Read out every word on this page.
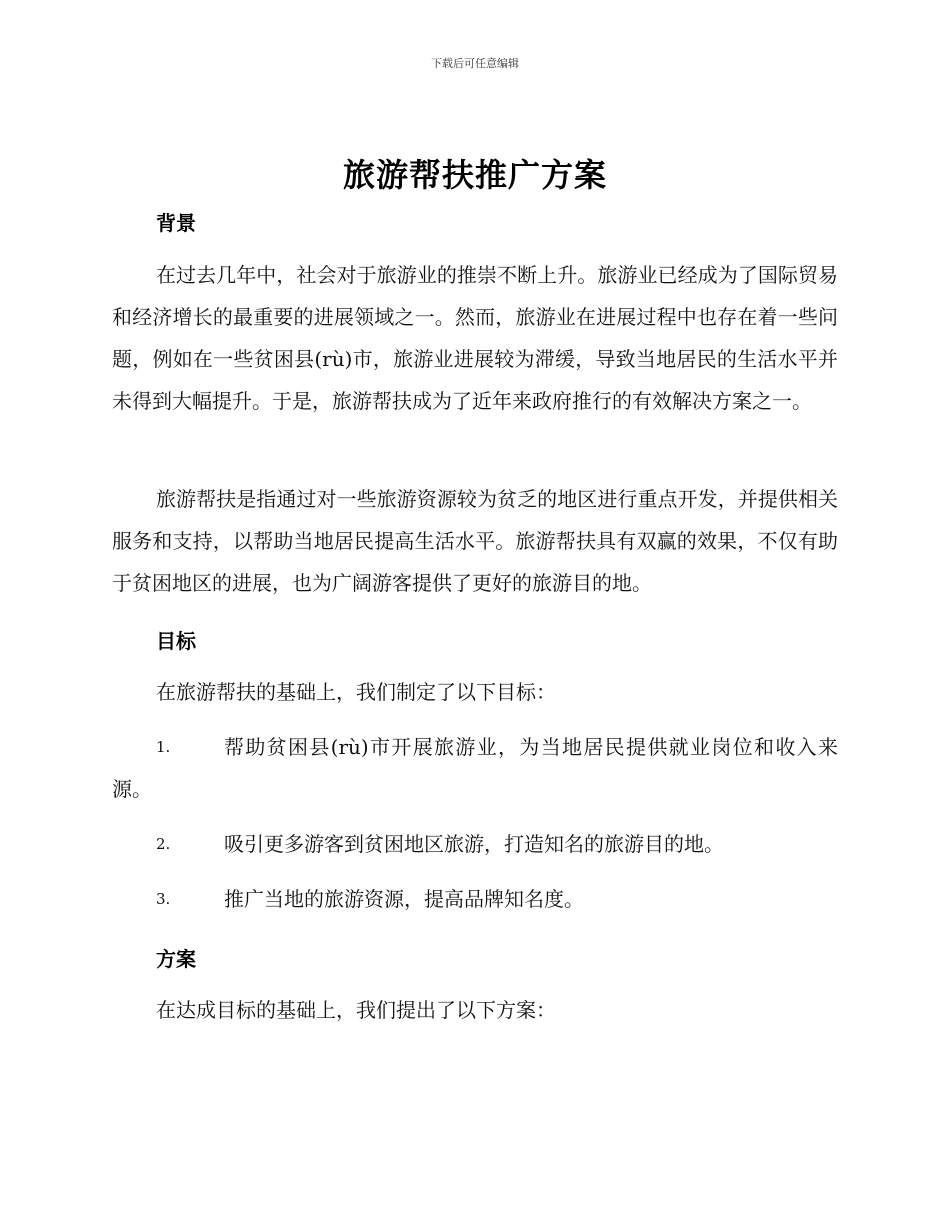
下载后可任意编辑
旅游帮扶推广方案
背景
在过去几年中，社会对于旅游业的推崇不断上升。旅游业已经成为了国际贸易和经济增长的最重要的进展领域之一。然而，旅游业在进展过程中也存在着一些问题，例如在一些贫困县(rù)市，旅游业进展较为滞缓，导致当地居民的生活水平并未得到大幅提升。于是，旅游帮扶成为了近年来政府推行的有效解决方案之一。
旅游帮扶是指通过对一些旅游资源较为贫乏的地区进行重点开发，并提供相关服务和支持，以帮助当地居民提高生活水平。旅游帮扶具有双赢的效果，不仅有助于贫困地区的进展，也为广阔游客提供了更好的旅游目的地。
目标
在旅游帮扶的基础上，我们制定了以下目标：
1.	帮助贫困县(rù)市开展旅游业，为当地居民提供就业岗位和收入来源。
2.	吸引更多游客到贫困地区旅游，打造知名的旅游目的地。
3.	推广当地的旅游资源，提高品牌知名度。
方案
在达成目标的基础上，我们提出了以下方案：
